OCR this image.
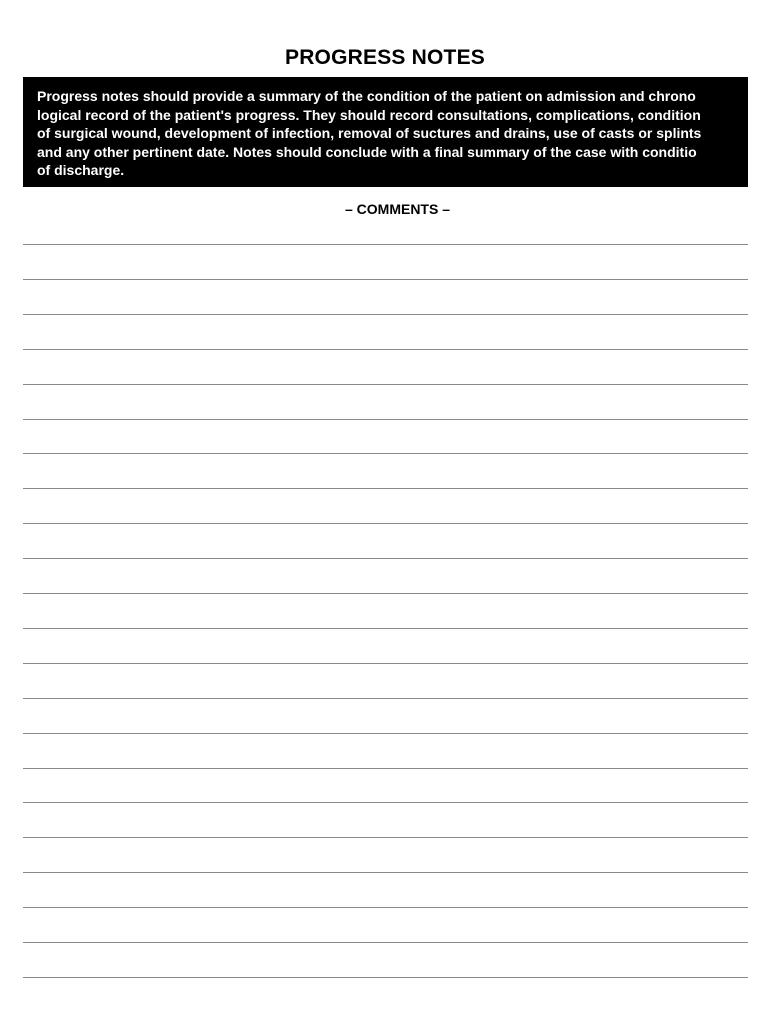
PROGRESS NOTES
Progress notes should provide a summary of the condition of the patient on admission and chrono
logical record of the patient's progress. They should record consultations, complications, condition
of surgical wound, development of infection, removal of suctures and drains, use of casts or splints
and any other pertinent date. Notes should conclude with a final summary of the case with conditio
of discharge.
– COMMENTS –
